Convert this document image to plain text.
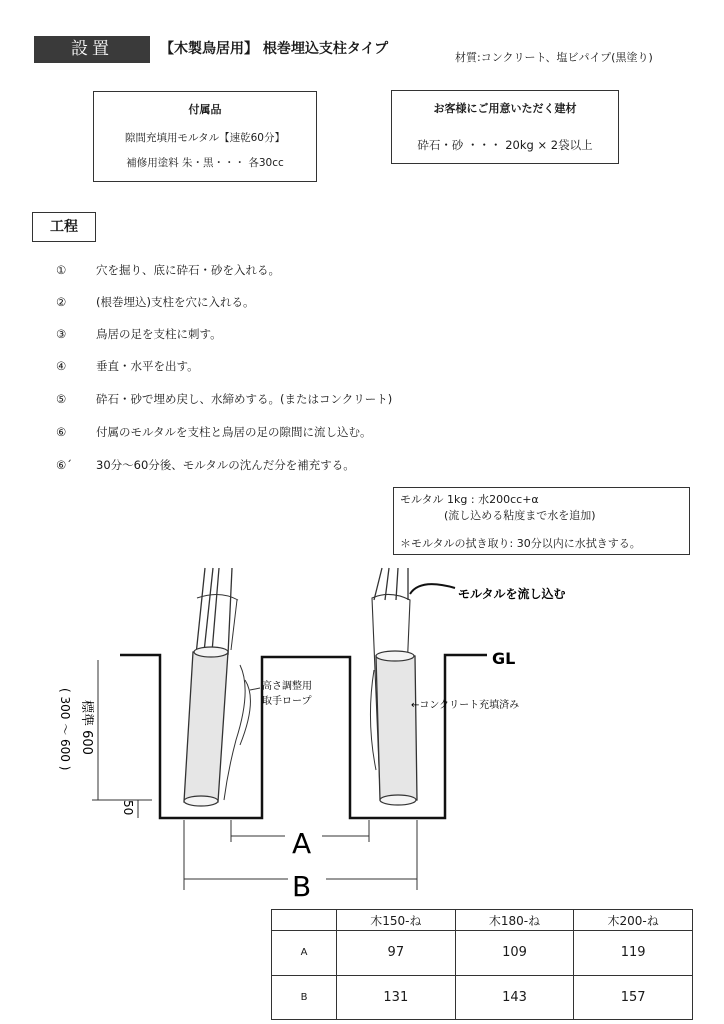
設置	【木製鳥居用】 根巻埋込支柱タイプ
材質:コンクリート、塩ビパイプ(黒塗り)
付属品
隙間充填用モルタル【速乾60分】
補修用塗料 朱・黒・・・ 各30cc
お客様にご用意いただく建材
砕石・砂 ・・・ 20kg × 2袋以上
工程
①	穴を掘り、底に砕石・砂を入れる。
②	(根巻埋込)支柱を穴に入れる。
③	鳥居の足を支柱に刺す。
④	垂直・水平を出す。
⑤	砕石・砂で埋め戻し、水締めする。(またはコンクリート)
⑥	付属のモルタルを支柱と鳥居の足の隙間に流し込む。
⑥´ 30分～60分後、モルタルの沈んだ分を補充する。
モルタル 1kg : 水200cc+α
(流し込める粘度まで水を追加)
＊モルタルの拭き取り: 30分以内に水拭きする。
モルタルを流し込む
GL
高さ調整用
取手ロープ	←コンクリート充填済み
標準 600
( 300 ～ 600 )
50
A
B
	木150-ね	木180-ね	木200-ね
A	97	109	119
B	131	143	157
